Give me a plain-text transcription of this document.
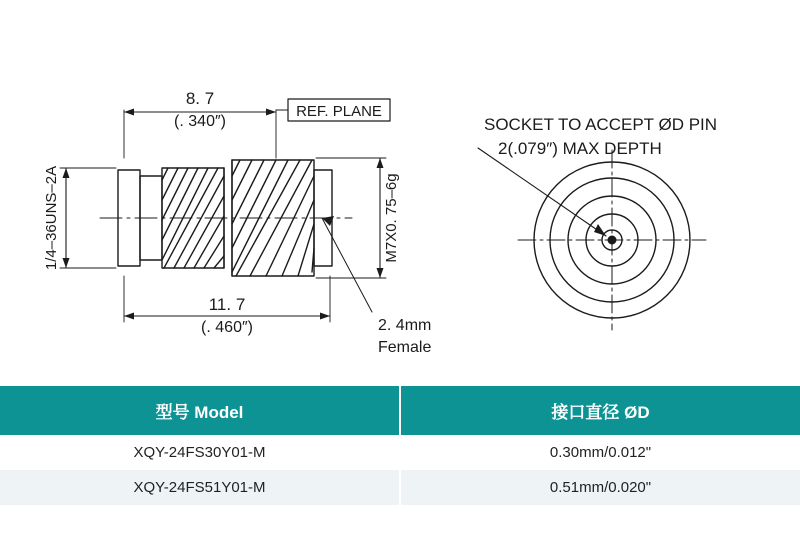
8. 7
(. 340″)
REF. PLANE
11. 7
(. 460″)
1/4–36UNS–2A	M7X0. 75–6g
2. 4mm
Female
SOCKET TO ACCEPT ØD PIN
2(.079″) MAX DEPTH
型号 Model	接口直径 ØD
XQY-24FS30Y01-M	0.30mm/0.012"
XQY-24FS51Y01-M	0.51mm/0.020"
